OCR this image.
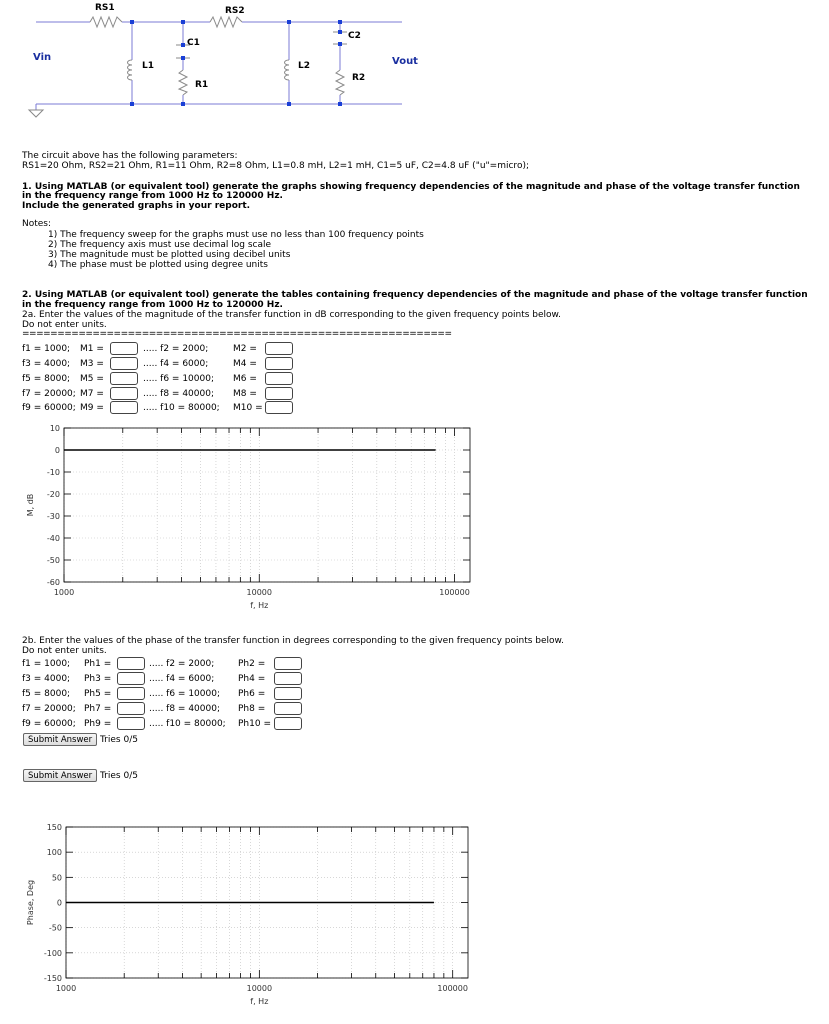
RS1	RS2
C1
C2
L1	L2
R1
R2
Vin	Vout
The circuit above has the following parameters:
RS1=20 Ohm, RS2=21 Ohm, R1=11 Ohm, R2=8 Ohm, L1=0.8 mH, L2=1 mH, C1=5 uF, C2=4.8 uF ("u"=micro);
1. Using MATLAB (or equivalent tool) generate the graphs showing frequency dependencies of the magnitude and phase of the voltage transfer function
in the frequency range from 1000 Hz to 120000 Hz.
Include the generated graphs in your report.
Notes:
1) The frequency sweep for the graphs must use no less than 100 frequency points
2) The frequency axis must use decimal log scale
3) The magnitude must be plotted using decibel units
4) The phase must be plotted using degree units
2. Using MATLAB (or equivalent tool) generate the tables containing frequency dependencies of the magnitude and phase of the voltage transfer function
in the frequency range from 1000 Hz to 120000 Hz.
2a. Enter the values of the magnitude of the transfer function in dB corresponding to the given frequency points below.
Do not enter units.
=============================================================
f1 = 1000; M1 =	..... f2 = 2000;	M2 =
f3 = 4000; M3 =	..... f4 = 6000;	M4 =
f5 = 8000; M5 =	..... f6 = 10000; M6 =
f7 = 20000; M7 =	..... f8 = 40000; M8 =
f9 = 60000; M9 =	..... f10 = 80000; M10 =
10
0
-10
-20
-30
-40
-50
-60
1000	10000	100000
f, Hz
M, dB
2b. Enter the values of the phase of the transfer function in degrees corresponding to the given frequency points below.
Do not enter units.
f1 = 1000; Ph1 =	..... f2 = 2000;	Ph2 =
f3 = 4000; Ph3 =	..... f4 = 6000;	Ph4 =
f5 = 8000; Ph5 =	..... f6 = 10000; Ph6 =
f7 = 20000; Ph7 =	..... f8 = 40000; Ph8 =
f9 = 60000; Ph9 =	..... f10 = 80000; Ph10 =
Submit Answer Tries 0/5
Submit Answer Tries 0/5
150
100
50
0
-50
-100
-150
1000	10000	100000
f, Hz
Phase, Deg
